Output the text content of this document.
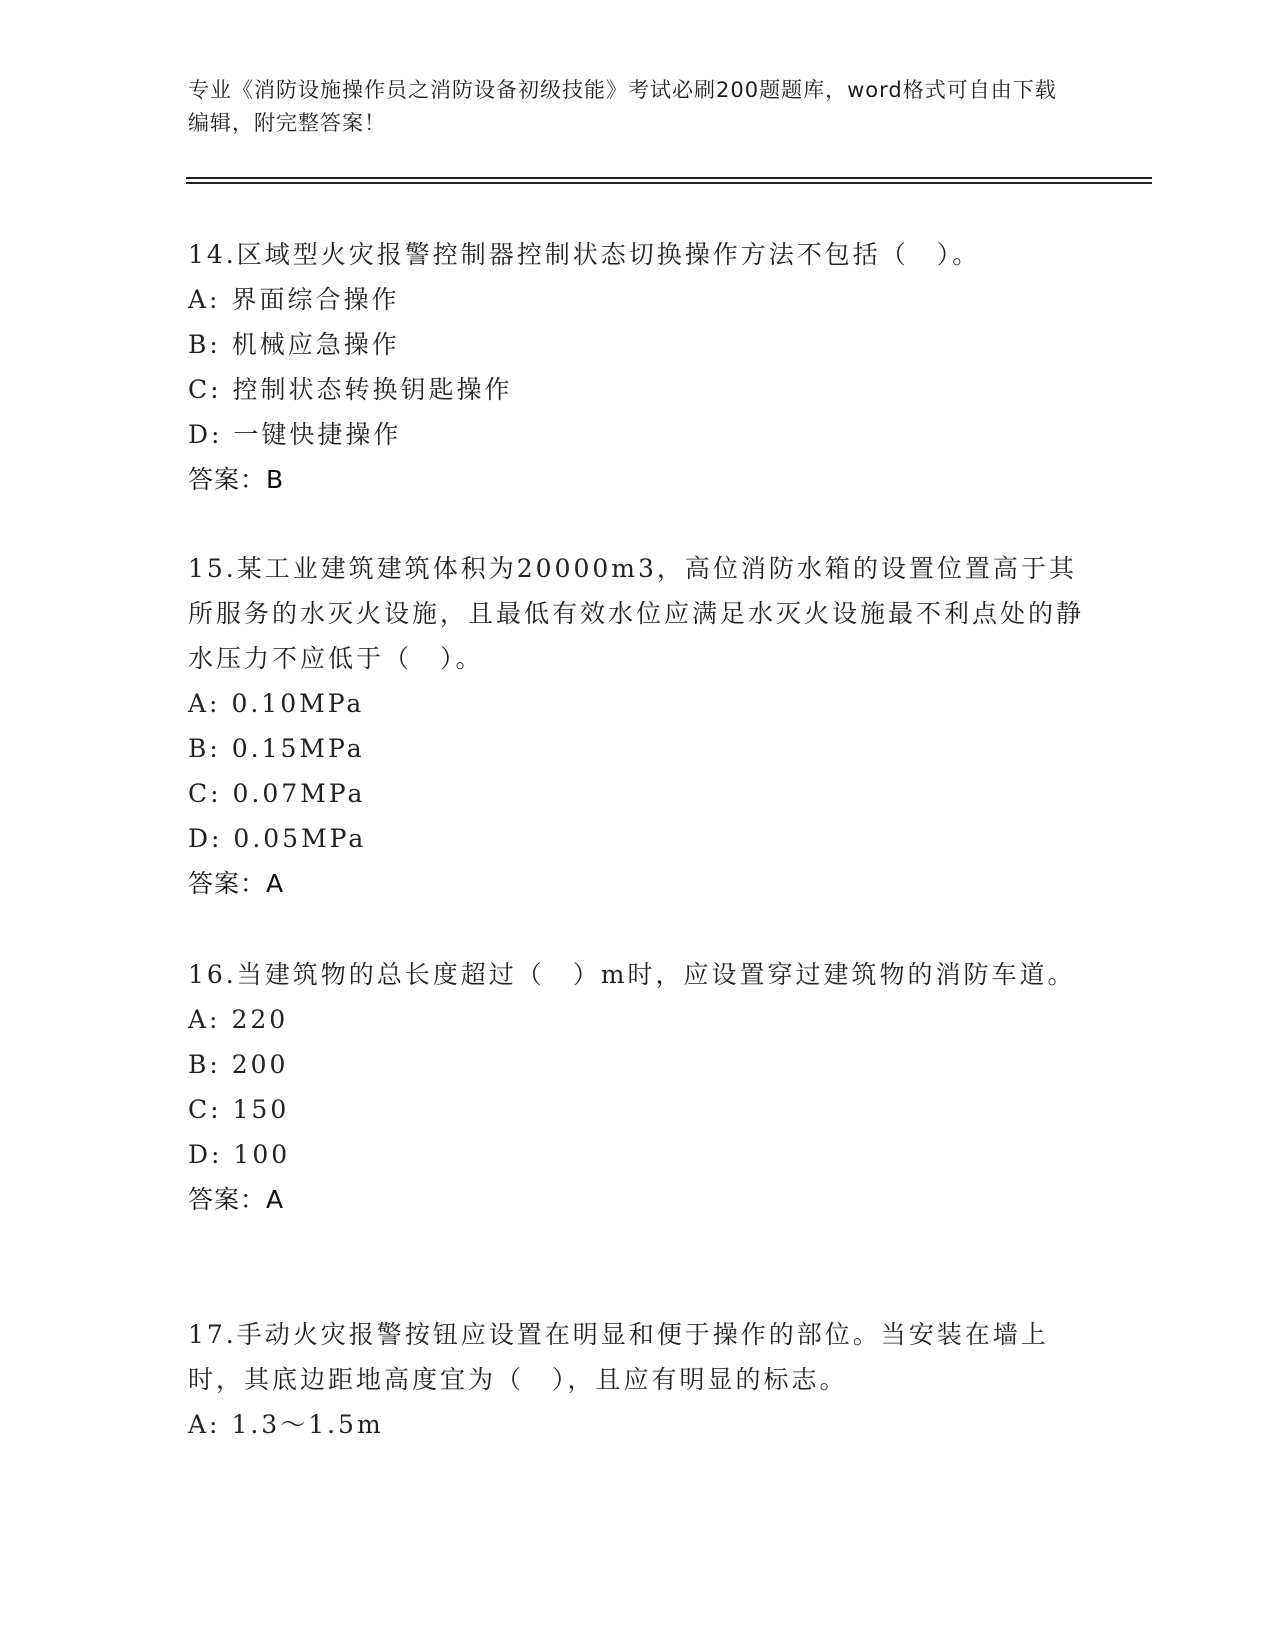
专业《消防设施操作员之消防设备初级技能》考试必刷200题题库，word格式可自由下载编辑，附完整答案！

14.区域型火灾报警控制器控制状态切换操作方法不包括（　）。

A: 界面综合操作

B: 机械应急操作

C: 控制状态转换钥匙操作

D: 一键快捷操作

答案：B

15.某工业建筑建筑体积为20000m3，高位消防水箱的设置位置高于其所服务的水灭火设施，且最低有效水位应满足水灭火设施最不利点处的静水压力不应低于（　）。

A: 0.10MPa

B: 0.15MPa

C: 0.07MPa

D: 0.05MPa

答案：A

16.当建筑物的总长度超过（　）m时，应设置穿过建筑物的消防车道。

A: 220

B: 200

C: 150

D: 100

答案：A

17.手动火灾报警按钮应设置在明显和便于操作的部位。当安装在墙上时，其底边距地高度宜为（　），且应有明显的标志。

A: 1.3～1.5m
